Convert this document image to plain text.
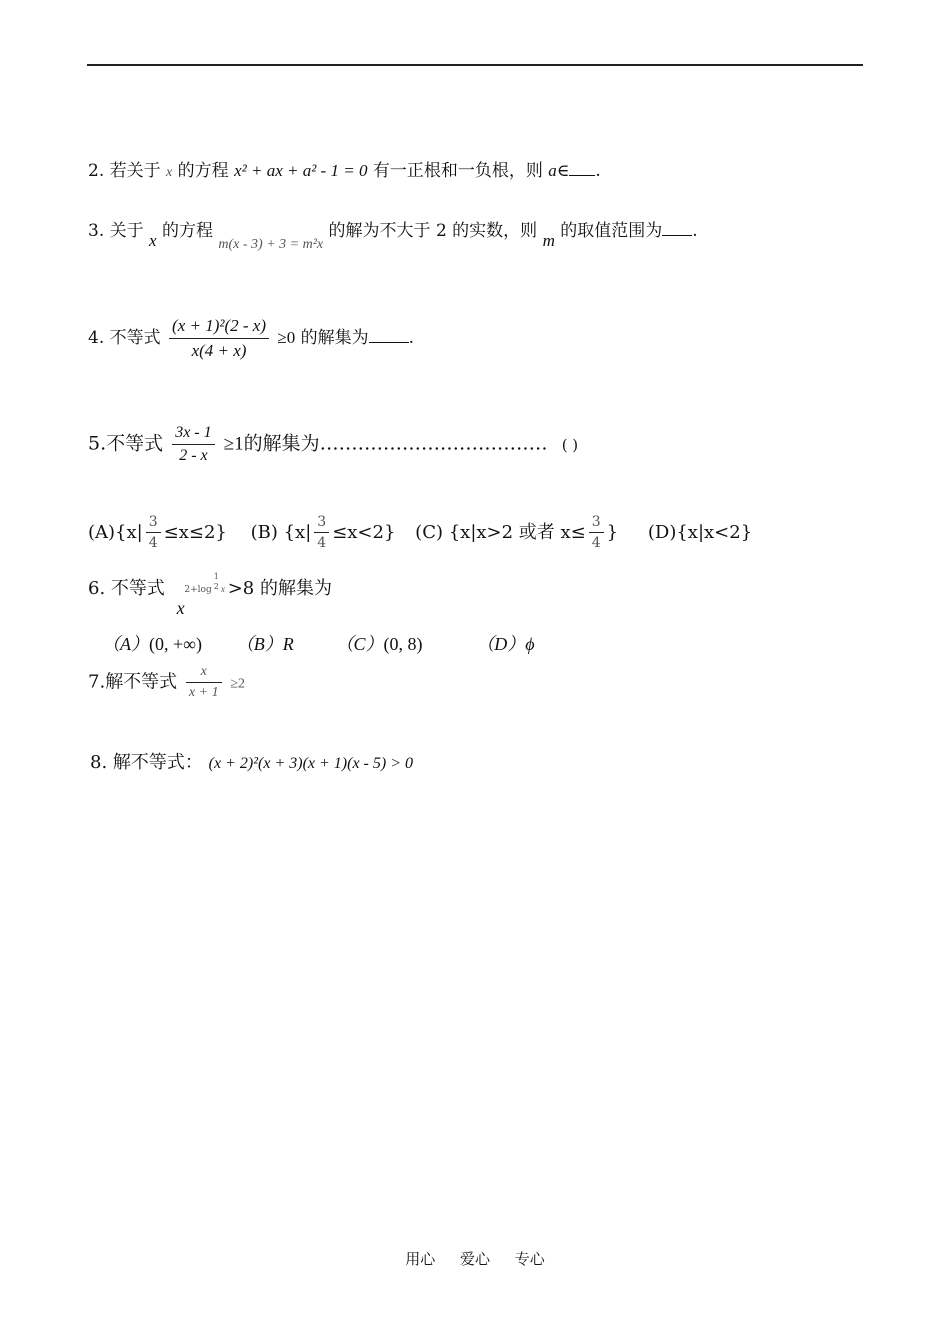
2. 若关于 x 的方程 x² + ax + a² - 1 = 0 有一正根和一负根，则 a∈ .
3. 关于 x 的方程 $_{m(x - 3) + 3 = m^2x}$ 的解为不大于 2 的实数，则 m 的取值范围为 .
4. 不等式 $\frac{\text{(x + 1)²(2 - x)}}{x(4 + x)} \ge 0$ 的解集为 .
5.不等式 $\frac{3x - 1}{2 - x} \ge 1$的解集为……………………………… ( )
$(A)\{x| \frac{3}{4} \le x\le 2\}$ (B) $\{x| \frac{3}{4} \le x<2\}$ (C) {x|x>2 或者 $x\le \frac{3}{4}$ } (D){x|x<2}
6. 不等式 x 2+log
1
2 x >8 的解集为
（A）(0, +∞) （B）R （C）(0, 8)	（D）ϕ
7.解不等式 $\frac{x}{x + 1} \ge 2$
8. 解不等式： (x + 2)²(x + 3)(x + 1)(x - 5) > 0
用心 爱心 专心
